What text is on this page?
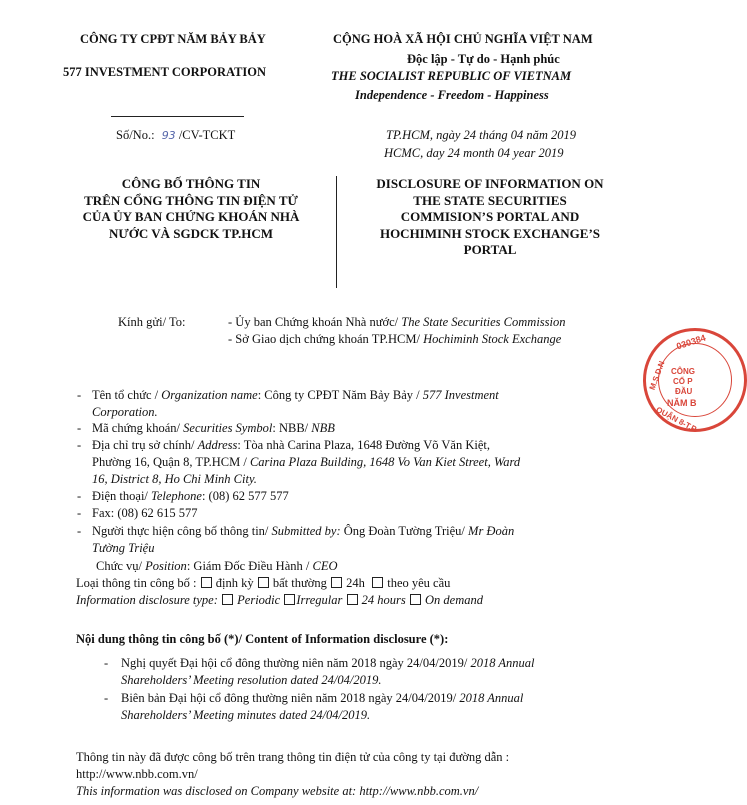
CÔNG TY CPĐT NĂM BẢY BẢY
577 INVESTMENT CORPORATION
CỘNG HOÀ XÃ HỘI CHỦ NGHĨA VIỆT NAM
Độc lập - Tự do - Hạnh phúc
THE SOCIALIST REPUBLIC OF VIETNAM
Independence - Freedom - Happiness
Số/No.: 93 /CV-TCKT	TP.HCM, ngày 24 tháng 04 năm 2019
HCMC, day 24 month 04 year 2019
CÔNG BỐ THÔNG TIN
TRÊN CỔNG THÔNG TIN ĐIỆN TỬ
CỦA ỦY BAN CHỨNG KHOÁN NHÀ
NƯỚC VÀ SGDCK TP.HCM
DISCLOSURE OF INFORMATION ON
THE STATE SECURITIES
COMMISION’S PORTAL AND
HOCHIMINH STOCK EXCHANGE’S
PORTAL
Kính gửi/ To:	- Ủy ban Chứng khoán Nhà nước/ The State Securities Commission
- Sở Giao dịch chứng khoán TP.HCM/ Hochiminh Stock Exchange	030384
M.S.D.N CÔNG
CỔ P
ĐẦU
NĂM B
QUẬN 8-T.P
- Tên tổ chức / Organization name: Công ty CPĐT Năm Bảy Bảy / 577 Investment
Corporation.
- Mã chứng khoán/ Securities Symbol: NBB/ NBB
- Địa chỉ trụ sở chính/ Address: Tòa nhà Carina Plaza, 1648 Đường Võ Văn Kiệt,
Phường 16, Quận 8, TP.HCM / Carina Plaza Building, 1648 Vo Van Kiet Street, Ward
16, District 8, Ho Chi Minh City.
- Điện thoại/ Telephone: (08) 62 577 577
- Fax: (08) 62 615 577
- Người thực hiện công bố thông tin/ Submitted by: Ông Đoàn Tường Triệu/ Mr Đoàn
Tường Triệu
Chức vụ/ Position: Giám Đốc Điều Hành / CEO
Loại thông tin công bố : định kỳ bất thường 24h theo yêu cầu
Information disclosure type: Periodic Irregular 24 hours On demand
Nội dung thông tin công bố (*)/ Content of Information disclosure (*):
- Nghị quyết Đại hội cổ đông thường niên năm 2018 ngày 24/04/2019/ 2018 Annual
Shareholders’ Meeting resolution dated 24/04/2019.
- Biên bản Đại hội cổ đông thường niên năm 2018 ngày 24/04/2019/ 2018 Annual
Shareholders’ Meeting minutes dated 24/04/2019.
Thông tin này đã được công bố trên trang thông tin điện tử của công ty tại đường dẫn :
http://www.nbb.com.vn/
This information was disclosed on Company website at: http://www.nbb.com.vn/
